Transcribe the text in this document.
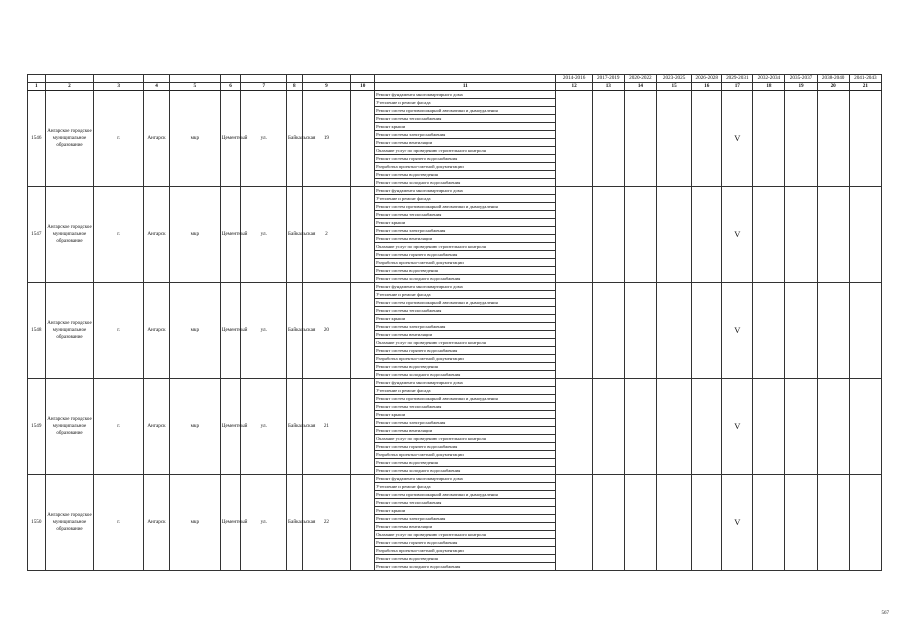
											2014-2016	2017-2019	2020-2022	2023-2025	2026-2028	2029-2031	2032-2034	2035-2037	2038-2040	2041-2043
1	2	3	4	5	6	7	8	9	10	11	12	13	14	15	16	17	18	19	20	21
1546	Ангарское городское муниципальное образование	г.	Ангарск	мкр	Цементный	ул.	Байкальская	19		Ремонт фундамента многоквартирного дома						V				
										Утепление и ремонт фасада										
										Ремонт систем противопожарной автоматики и дымоудаления										
										Ремонт системы теплоснабжения										
										Ремонт крыши										
										Ремонт системы электроснабжения										
										Ремонт системы вентиляции										
										Оказание услуг по проведению строительного контроля										
										Ремонт системы горячего водоснабжения										
										Разработка проектно-сметной документации										
										Ремонт системы водоотведения										
										Ремонт системы холодного водоснабжения										
1547	Ангарское городское муниципальное образование	г.	Ангарск	мкр	Цементный	ул.	Байкальская	2		Ремонт фундамента многоквартирного дома						V				
										Утепление и ремонт фасада										
										Ремонт систем противопожарной автоматики и дымоудаления										
										Ремонт системы теплоснабжения										
										Ремонт крыши										
										Ремонт системы электроснабжения										
										Ремонт системы вентиляции										
										Оказание услуг по проведению строительного контроля										
										Ремонт системы горячего водоснабжения										
										Разработка проектно-сметной документации										
										Ремонт системы водоотведения										
										Ремонт системы холодного водоснабжения										
1548	Ангарское городское муниципальное образование	г.	Ангарск	мкр	Цементный	ул.	Байкальская	20		Ремонт фундамента многоквартирного дома						V				
										Утепление и ремонт фасада										
										Ремонт систем противопожарной автоматики и дымоудаления										
										Ремонт системы теплоснабжения										
										Ремонт крыши										
										Ремонт системы электроснабжения										
										Ремонт системы вентиляции										
										Оказание услуг по проведению строительного контроля										
										Ремонт системы горячего водоснабжения										
										Разработка проектно-сметной документации										
										Ремонт системы водоотведения										
										Ремонт системы холодного водоснабжения										
1549	Ангарское городское муниципальное образование	г.	Ангарск	мкр	Цементный	ул.	Байкальская	21		Ремонт фундамента многоквартирного дома						V				
										Утепление и ремонт фасада										
										Ремонт систем противопожарной автоматики и дымоудаления										
										Ремонт системы теплоснабжения										
										Ремонт крыши										
										Ремонт системы электроснабжения										
										Ремонт системы вентиляции										
										Оказание услуг по проведению строительного контроля										
										Ремонт системы горячего водоснабжения										
										Разработка проектно-сметной документации										
										Ремонт системы водоотведения										
										Ремонт системы холодного водоснабжения										
1550	Ангарское городское муниципальное образование	г.	Ангарск	мкр	Цементный	ул.	Байкальская	22		Ремонт фундамента многоквартирного дома						V				
										Утепление и ремонт фасада										
										Ремонт систем противопожарной автоматики и дымоудаления										
										Ремонт системы теплоснабжения										
										Ремонт крыши										
										Ремонт системы электроснабжения										
										Ремонт системы вентиляции										
										Оказание услуг по проведению строительного контроля										
										Ремонт системы горячего водоснабжения										
										Разработка проектно-сметной документации										
										Ремонт системы водоотведения										
										Ремонт системы холодного водоснабжения										
567
